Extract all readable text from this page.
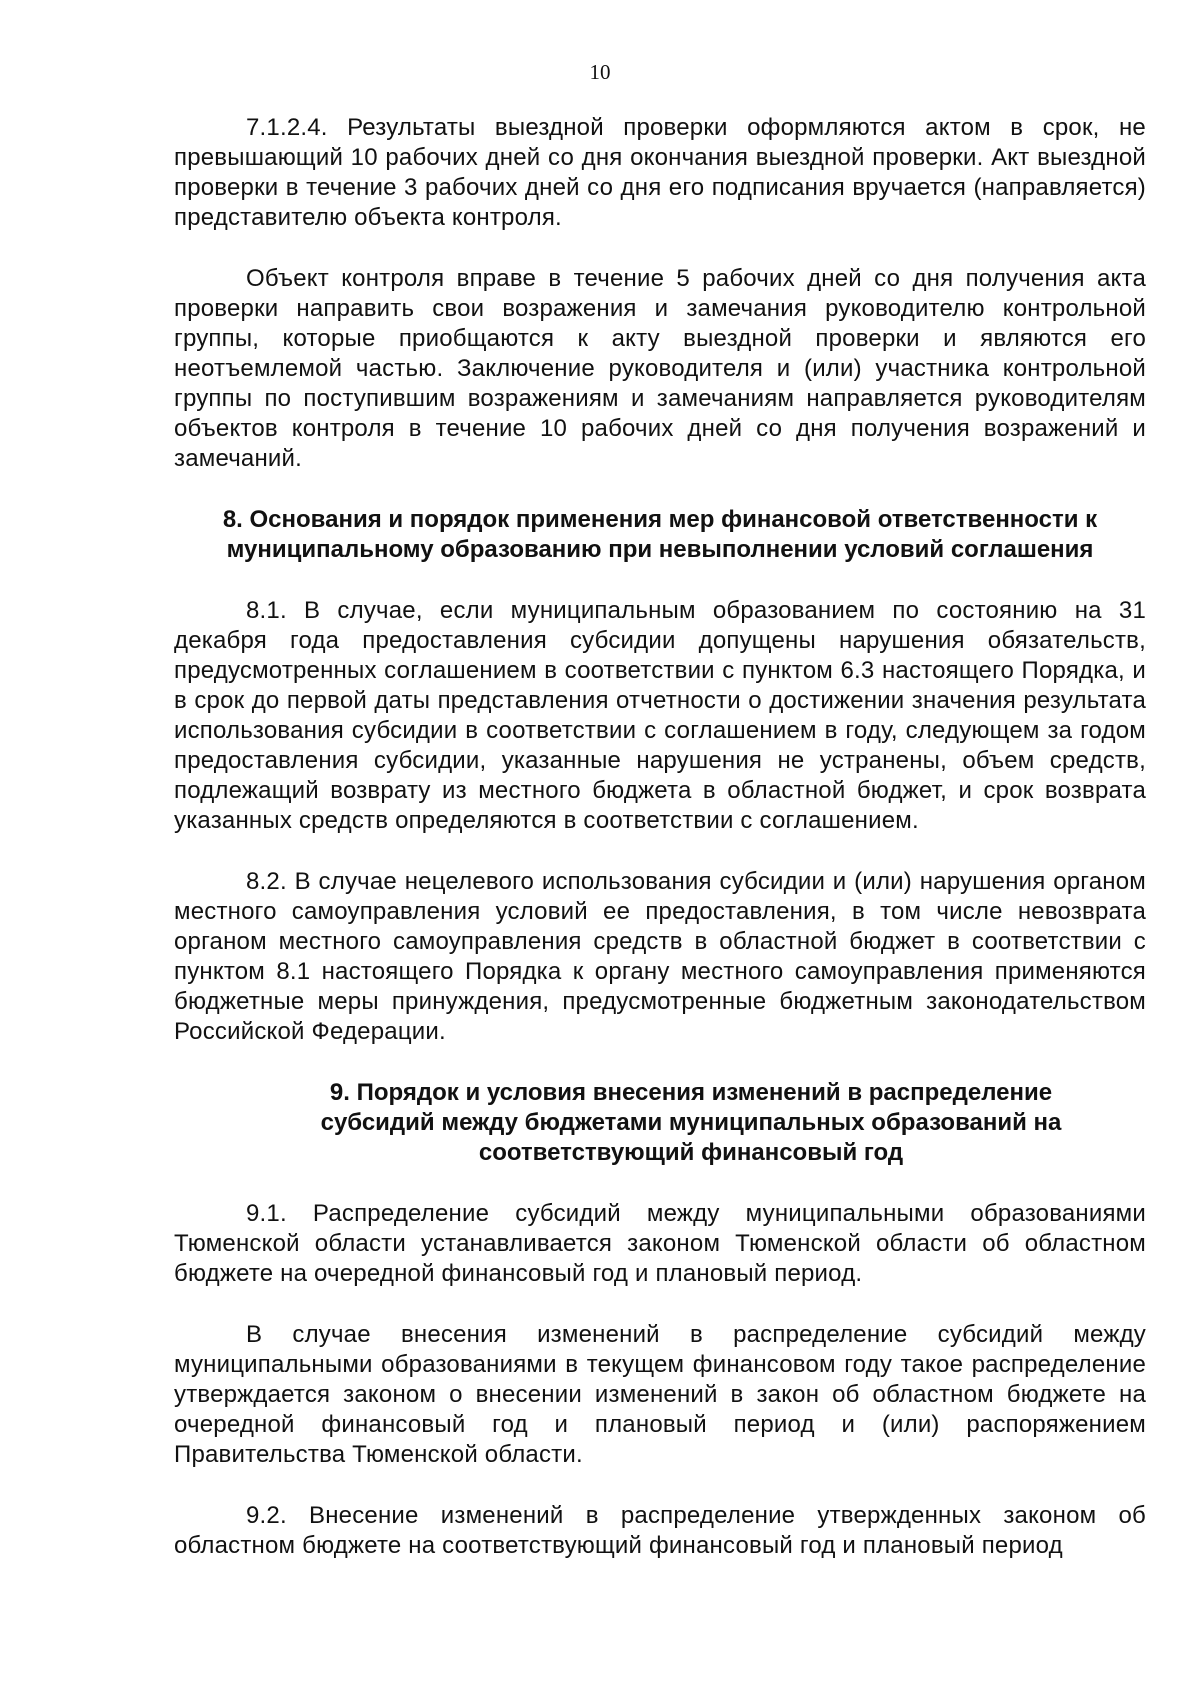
10

7.1.2.4. Результаты выездной проверки оформляются актом в срок, не превышающий 10 рабочих дней со дня окончания выездной проверки. Акт выездной проверки в течение 3 рабочих дней со дня его подписания вручается (направляется) представителю объекта контроля.

Объект контроля вправе в течение 5 рабочих дней со дня получения акта проверки направить свои возражения и замечания руководителю контрольной группы, которые приобщаются к акту выездной проверки и являются его неотъемлемой частью. Заключение руководителя и (или) участника контрольной группы по поступившим возражениям и замечаниям направляется руководителям объектов контроля в течение 10 рабочих дней со дня получения возражений и замечаний.

8. Основания и порядок применения мер финансовой ответственности к муниципальному образованию при невыполнении условий соглашения

8.1. В случае, если муниципальным образованием по состоянию на 31 декабря года предоставления субсидии допущены нарушения обязательств, предусмотренных соглашением в соответствии с пунктом 6.3 настоящего Порядка, и в срок до первой даты представления отчетности о достижении значения результата использования субсидии в соответствии с соглашением в году, следующем за годом предоставления субсидии, указанные нарушения не устранены, объем средств, подлежащий возврату из местного бюджета в областной бюджет, и срок возврата указанных средств определяются в соответствии с соглашением.

8.2. В случае нецелевого использования субсидии и (или) нарушения органом местного самоуправления условий ее предоставления, в том числе невозврата органом местного самоуправления средств в областной бюджет в соответствии с пунктом 8.1 настоящего Порядка к органу местного самоуправления применяются бюджетные меры принуждения, предусмотренные бюджетным законодательством Российской Федерации.

9. Порядок и условия внесения изменений в распределение субсидий между бюджетами муниципальных образований на соответствующий финансовый год

9.1. Распределение субсидий между муниципальными образованиями Тюменской области устанавливается законом Тюменской области об областном бюджете на очередной финансовый год и плановый период.

В случае внесения изменений в распределение субсидий между муниципальными образованиями в текущем финансовом году такое распределение утверждается законом о внесении изменений в закон об областном бюджете на очередной финансовый год и плановый период и (или) распоряжением Правительства Тюменской области.

9.2. Внесение изменений в распределение утвержденных законом об областном бюджете на соответствующий финансовый год и плановый период
